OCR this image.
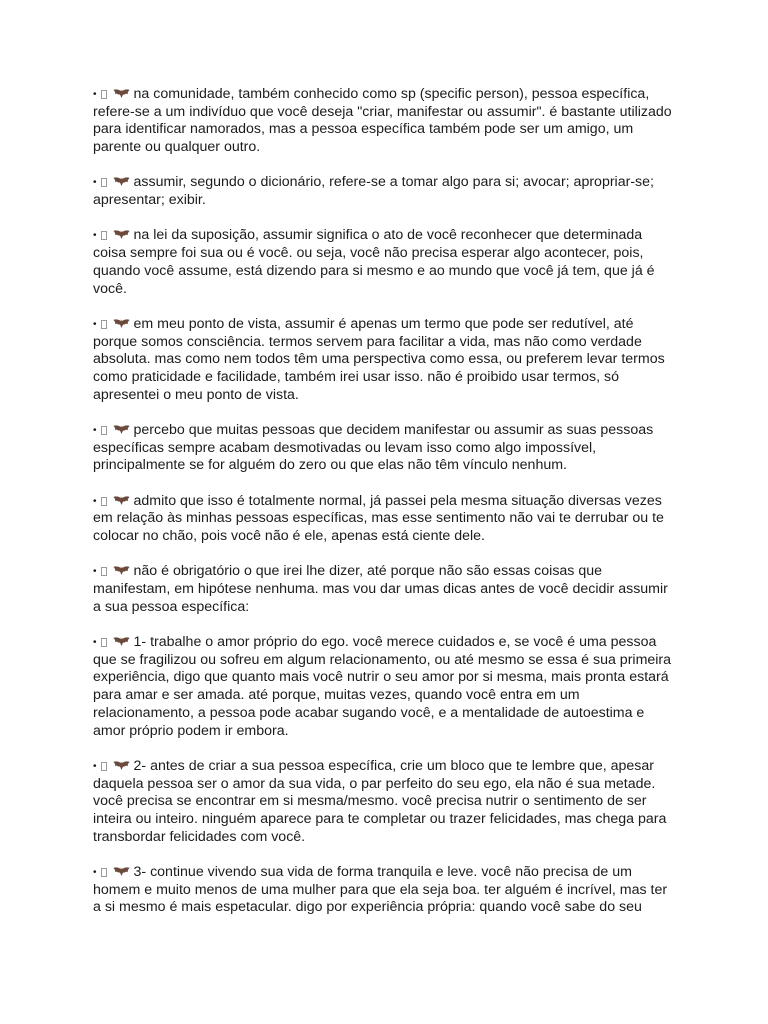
•	na comunidade, também conhecido como sp (specific person), pessoa específica,
refere-se a um indivíduo que você deseja "criar, manifestar ou assumir". é bastante utilizado
para identificar namorados, mas a pessoa específica também pode ser um amigo, um
parente ou qualquer outro.

•	assumir, segundo o dicionário, refere-se a tomar algo para si; avocar; apropriar-se;
apresentar; exibir.

•	na lei da suposição, assumir significa o ato de você reconhecer que determinada
coisa sempre foi sua ou é você. ou seja, você não precisa esperar algo acontecer, pois,
quando você assume, está dizendo para si mesmo e ao mundo que você já tem, que já é
você.

•	em meu ponto de vista, assumir é apenas um termo que pode ser redutível, até
porque somos consciência. termos servem para facilitar a vida, mas não como verdade
absoluta. mas como nem todos têm uma perspectiva como essa, ou preferem levar termos
como praticidade e facilidade, também irei usar isso. não é proibido usar termos, só
apresentei o meu ponto de vista.

•	percebo que muitas pessoas que decidem manifestar ou assumir as suas pessoas
específicas sempre acabam desmotivadas ou levam isso como algo impossível,
principalmente se for alguém do zero ou que elas não têm vínculo nenhum.

•	admito que isso é totalmente normal, já passei pela mesma situação diversas vezes
em relação às minhas pessoas específicas, mas esse sentimento não vai te derrubar ou te
colocar no chão, pois você não é ele, apenas está ciente dele.

•	não é obrigatório o que irei lhe dizer, até porque não são essas coisas que
manifestam, em hipótese nenhuma. mas vou dar umas dicas antes de você decidir assumir
a sua pessoa específica:

•	1- trabalhe o amor próprio do ego. você merece cuidados e, se você é uma pessoa
que se fragilizou ou sofreu em algum relacionamento, ou até mesmo se essa é sua primeira
experiência, digo que quanto mais você nutrir o seu amor por si mesma, mais pronta estará
para amar e ser amada. até porque, muitas vezes, quando você entra em um
relacionamento, a pessoa pode acabar sugando você, e a mentalidade de autoestima e
amor próprio podem ir embora.

•	2- antes de criar a sua pessoa específica, crie um bloco que te lembre que, apesar
daquela pessoa ser o amor da sua vida, o par perfeito do seu ego, ela não é sua metade.
você precisa se encontrar em si mesma/mesmo. você precisa nutrir o sentimento de ser
inteira ou inteiro. ninguém aparece para te completar ou trazer felicidades, mas chega para
transbordar felicidades com você.

•	3- continue vivendo sua vida de forma tranquila e leve. você não precisa de um
homem e muito menos de uma mulher para que ela seja boa. ter alguém é incrível, mas ter
a si mesmo é mais espetacular. digo por experiência própria: quando você sabe do seu
